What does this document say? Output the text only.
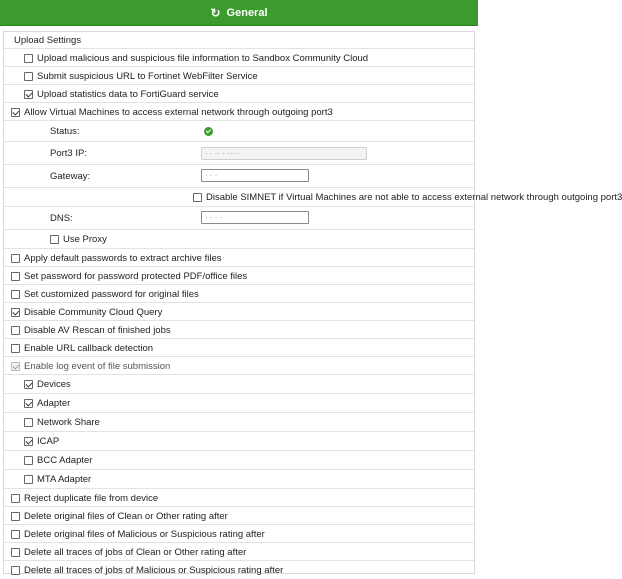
↻ General
Upload Settings
Upload malicious and suspicious file information to Sandbox Community Cloud
Submit suspicious URL to Fortinet WebFilter Service
Upload statistics data to FortiGuard service
Allow Virtual Machines to access external network through outgoing port3
Status:
Port3 IP:	· · ·· · ·····
Gateway:	· · ·
Disable SIMNET if Virtual Machines are not able to access external network through outgoing port3
DNS:	· · · ·
Use Proxy
Apply default passwords to extract archive files
Set password for password protected PDF/office files
Set customized password for original files
Disable Community Cloud Query
Disable AV Rescan of finished jobs
Enable URL callback detection
Enable log event of file submission
Devices
Adapter
Network Share
ICAP
BCC Adapter
MTA Adapter
Reject duplicate file from device
Delete original files of Clean or Other rating after
Delete original files of Malicious or Suspicious rating after
Delete all traces of jobs of Clean or Other rating after
Delete all traces of jobs of Malicious or Suspicious rating after
